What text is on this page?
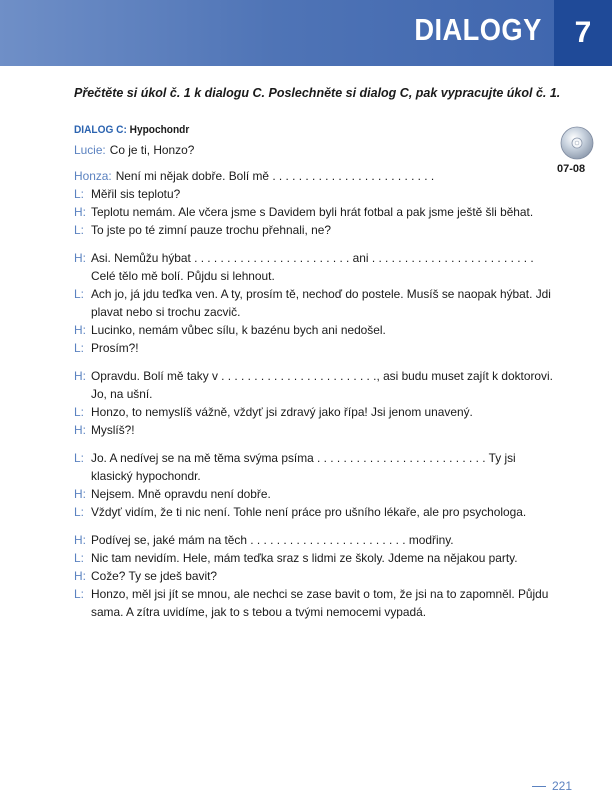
DIALOGY	7
Přečtěte si úkol č. 1 k dialogu C. Poslechněte si dialog C, pak vypracujte úkol č. 1.
DIALOG C: Hypochondr
07-08
Lucie: Co je ti, Honzo?
Honza: Není mi nějak dobře. Bolí mě . . . . . . . . . . . . . . . . . . . . . . . . .
L: Měřil sis teplotu?
H: Teplotu nemám. Ale včera jsme s Davidem byli hrát fotbal a pak jsme ještě šli běhat.
L: To jste po té zimní pauze trochu přehnali, ne?
H: Asi. Nemůžu hýbat . . . . . . . . . . . . . . . . . . . . . . . . ani . . . . . . . . . . . . . . . . . . . . . . . . . Celé tělo mě bolí. Půjdu si lehnout.
L: Ach jo, já jdu teďka ven. A ty, prosím tě, nechoď do postele. Musíš se naopak hýbat. Jdi plavat nebo si trochu zacvič.
H: Lucinko, nemám vůbec sílu, k bazénu bych ani nedošel.
L: Prosím?!
H: Opravdu. Bolí mě taky v . . . . . . . . . . . . . . . . . . . . . . . ., asi budu muset zajít k doktorovi. Jo, na ušní.
L: Honzo, to nemyslíš vážně, vždyť jsi zdravý jako řípa! Jsi jenom unavený.
H: Myslíš?!
L: Jo. A nedívej se na mě těma svýma psíma . . . . . . . . . . . . . . . . . . . . . . . . . . Ty jsi klasický hypochondr.
H: Nejsem. Mně opravdu není dobře.
L: Vždyť vidím, že ti nic není. Tohle není práce pro ušního lékaře, ale pro psychologa.
H: Podívej se, jaké mám na těch . . . . . . . . . . . . . . . . . . . . . . . . modřiny.
L: Nic tam nevidím. Hele, mám teďka sraz s lidmi ze školy. Jdeme na nějakou party.
H: Cože? Ty se jdeš bavit?
L: Honzo, měl jsi jít se mnou, ale nechci se zase bavit o tom, že jsi na to zapomněl. Půjdu sama. A zítra uvidíme, jak to s tebou a tvými nemocemi vypadá.
221
